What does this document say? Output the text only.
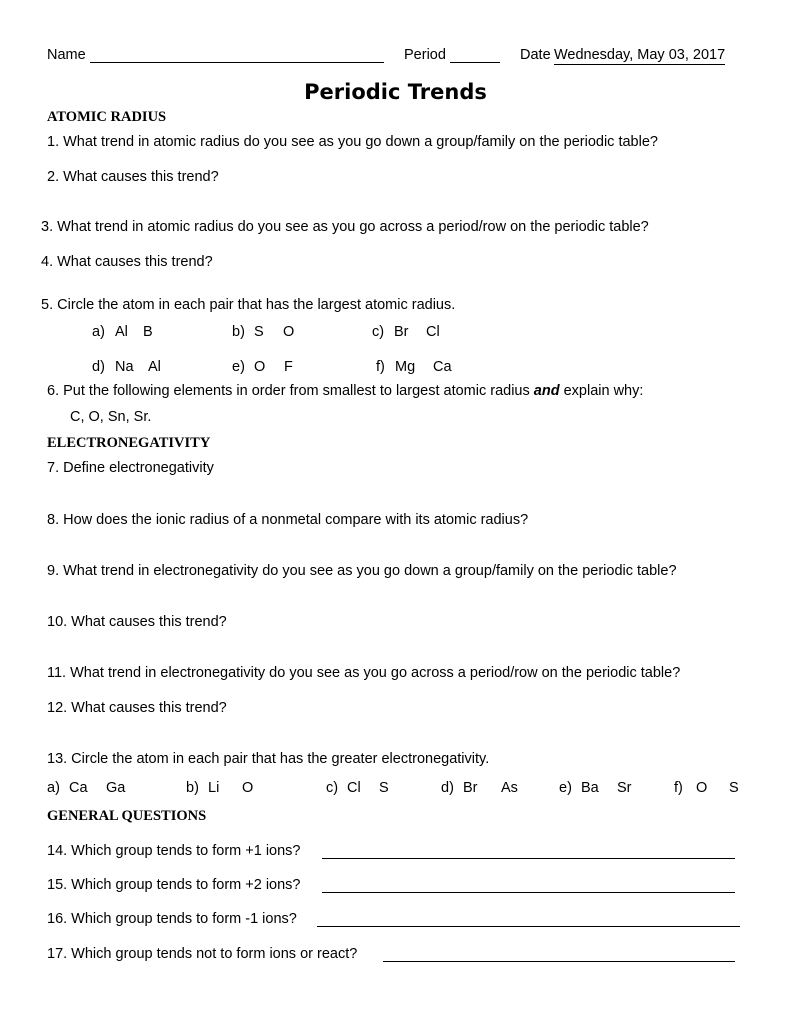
Name	Period	Date Wednesday, May 03, 2017
Periodic Trends
ATOMIC RADIUS
1. What trend in atomic radius do you see as you go down a group/family on the periodic table?
2. What causes this trend?
3. What trend in atomic radius do you see as you go across a period/row on the periodic table?
4. What causes this trend?
5. Circle the atom in each pair that has the largest atomic radius.
a) Al B	b) S O	c) Br Cl
d) Na Al	e) O F	f) Mg Ca
6. Put the following elements in order from smallest to largest atomic radius and explain why:
C, O, Sn, Sr.
ELECTRONEGATIVITY
7. Define electronegativity
8. How does the ionic radius of a nonmetal compare with its atomic radius?
9. What trend in electronegativity do you see as you go down a group/family on the periodic table?
10. What causes this trend?
11. What trend in electronegativity do you see as you go across a period/row on the periodic table?
12. What causes this trend?
13. Circle the atom in each pair that has the greater electronegativity.
a) Ca Ga	b) Li O	c) Cl S	d) Br As	e) Ba Sr	f) O S
GENERAL QUESTIONS
14. Which group tends to form +1 ions?
15. Which group tends to form +2 ions?
16. Which group tends to form -1 ions?
17. Which group tends not to form ions or react?
